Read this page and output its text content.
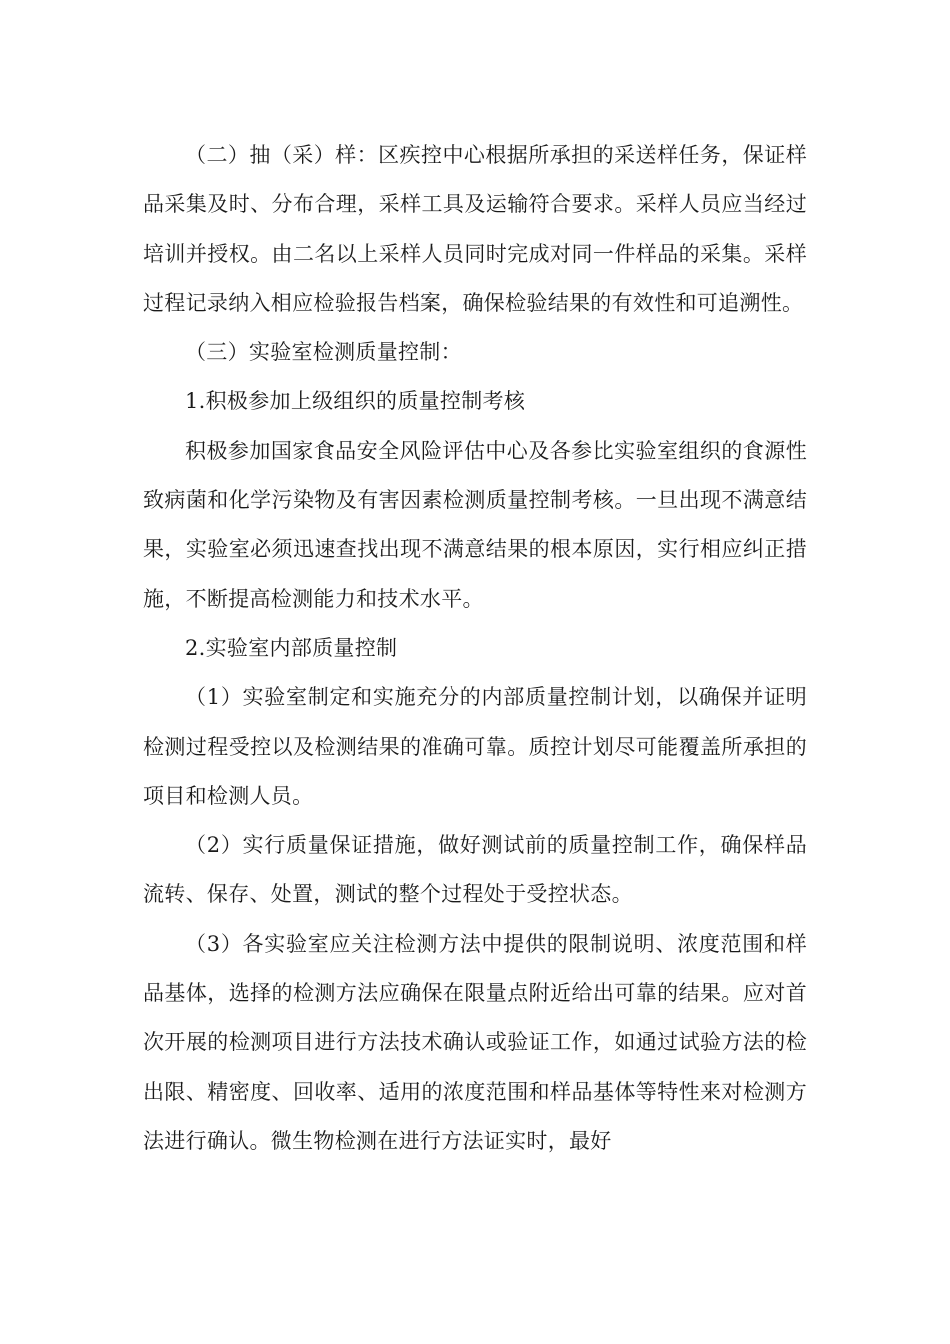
（二）抽（采）样：区疾控中心根据所承担的采送样任务，保证样品采集及时、分布合理，采样工具及运输符合要求。采样人员应当经过培训并授权。由二名以上采样人员同时完成对同一件样品的采集。采样过程记录纳入相应检验报告档案，确保检验结果的有效性和可追溯性。

（三）实验室检测质量控制：

1.积极参加上级组织的质量控制考核

积极参加国家食品安全风险评估中心及各参比实验室组织的食源性致病菌和化学污染物及有害因素检测质量控制考核。一旦出现不满意结果，实验室必须迅速查找出现不满意结果的根本原因，实行相应纠正措施，不断提高检测能力和技术水平。

2.实验室内部质量控制

（1）实验室制定和实施充分的内部质量控制计划，以确保并证明检测过程受控以及检测结果的准确可靠。质控计划尽可能覆盖所承担的项目和检测人员。

（2）实行质量保证措施，做好测试前的质量控制工作，确保样品流转、保存、处置，测试的整个过程处于受控状态。

（3）各实验室应关注检测方法中提供的限制说明、浓度范围和样品基体，选择的检测方法应确保在限量点附近给出可靠的结果。应对首次开展的检测项目进行方法技术确认或验证工作，如通过试验方法的检出限、精密度、回收率、适用的浓度范围和样品基体等特性来对检测方法进行确认。微生物检测在进行方法证实时，最好
